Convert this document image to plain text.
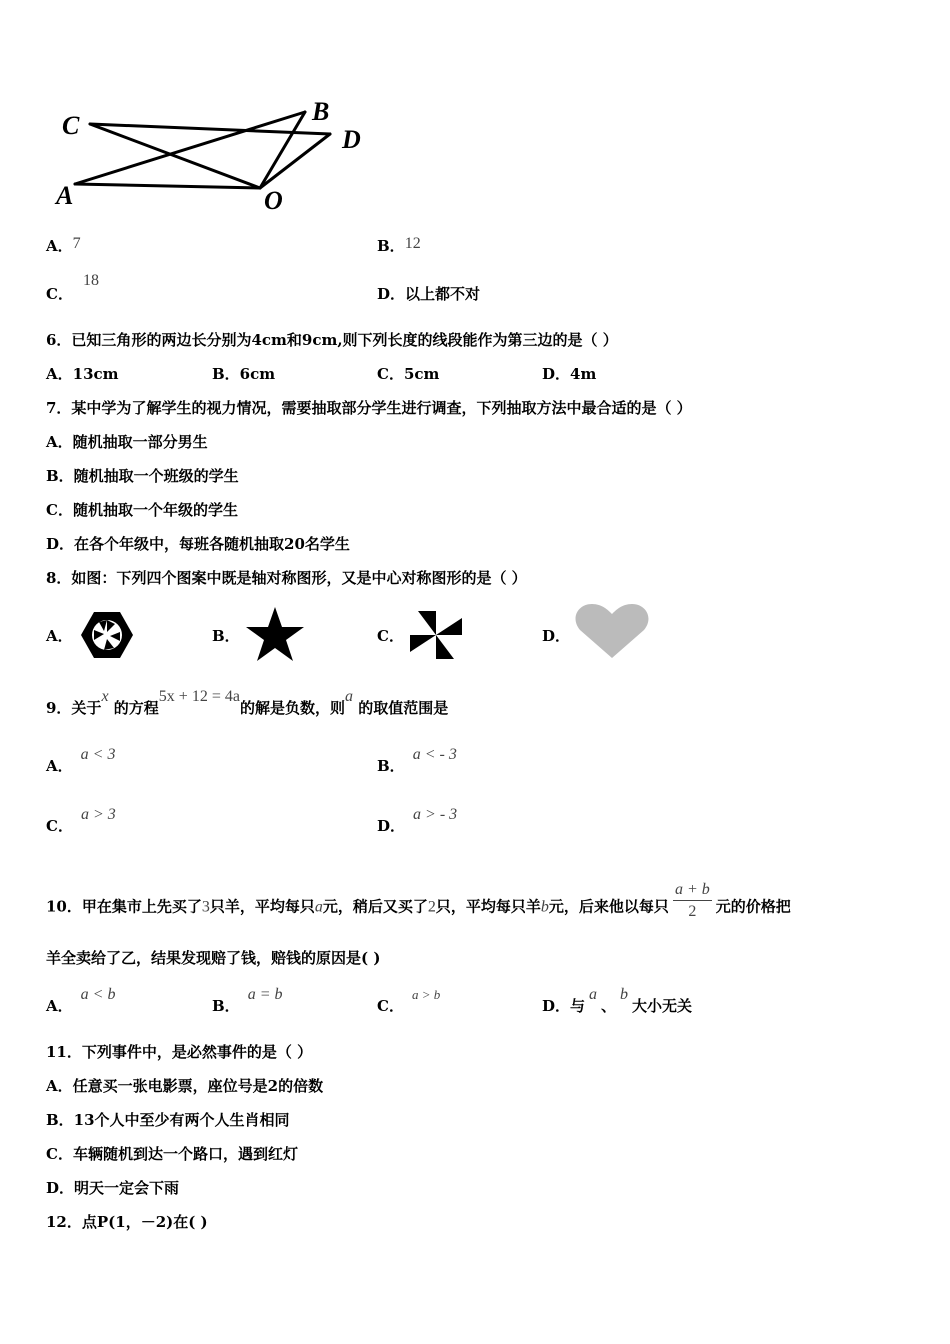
C	B
D
A	O
A．7	B．12
C．18
D．以上都不对
6．已知三角形的两边长分别为4cm和9cm,则下列长度的线段能作为第三边的是（ ）
A．13cm	B．6cm	C．5cm	D．4m
7．某中学为了解学生的视力情况，需要抽取部分学生进行调查，下列抽取方法中最合适的是（ ）
A．随机抽取一部分男生
B．随机抽取一个班级的学生
C．随机抽取一个年级的学生
D．在各个年级中，每班各随机抽取20名学生
8．如图：下列四个图案中既是轴对称图形，又是中心对称图形的是（ ）
A．	B．	C．	D．
9．关于x 的方程5x + 12 = 4a的解是负数，则a 的取值范围是
A．a < 3
B．a < - 3
C．a > 3
D．a > - 3
10．甲在集市上先买了3只羊，平均每只a元，稍后又买了2只，平均每只羊b元，后来他以每只 $\frac{a + b}{2}$ 元的价格把
羊全卖给了乙，结果发现赔了钱，赔钱的原因是( )
A．a < b
B．a = b
C．a > b
D．与a、b大小无关
11．下列事件中，是必然事件的是（ ）
A．任意买一张电影票，座位号是2的倍数
B．13个人中至少有两个人生肖相同
C．车辆随机到达一个路口，遇到红灯
D．明天一定会下雨
12．点P(1，－2)在( )
